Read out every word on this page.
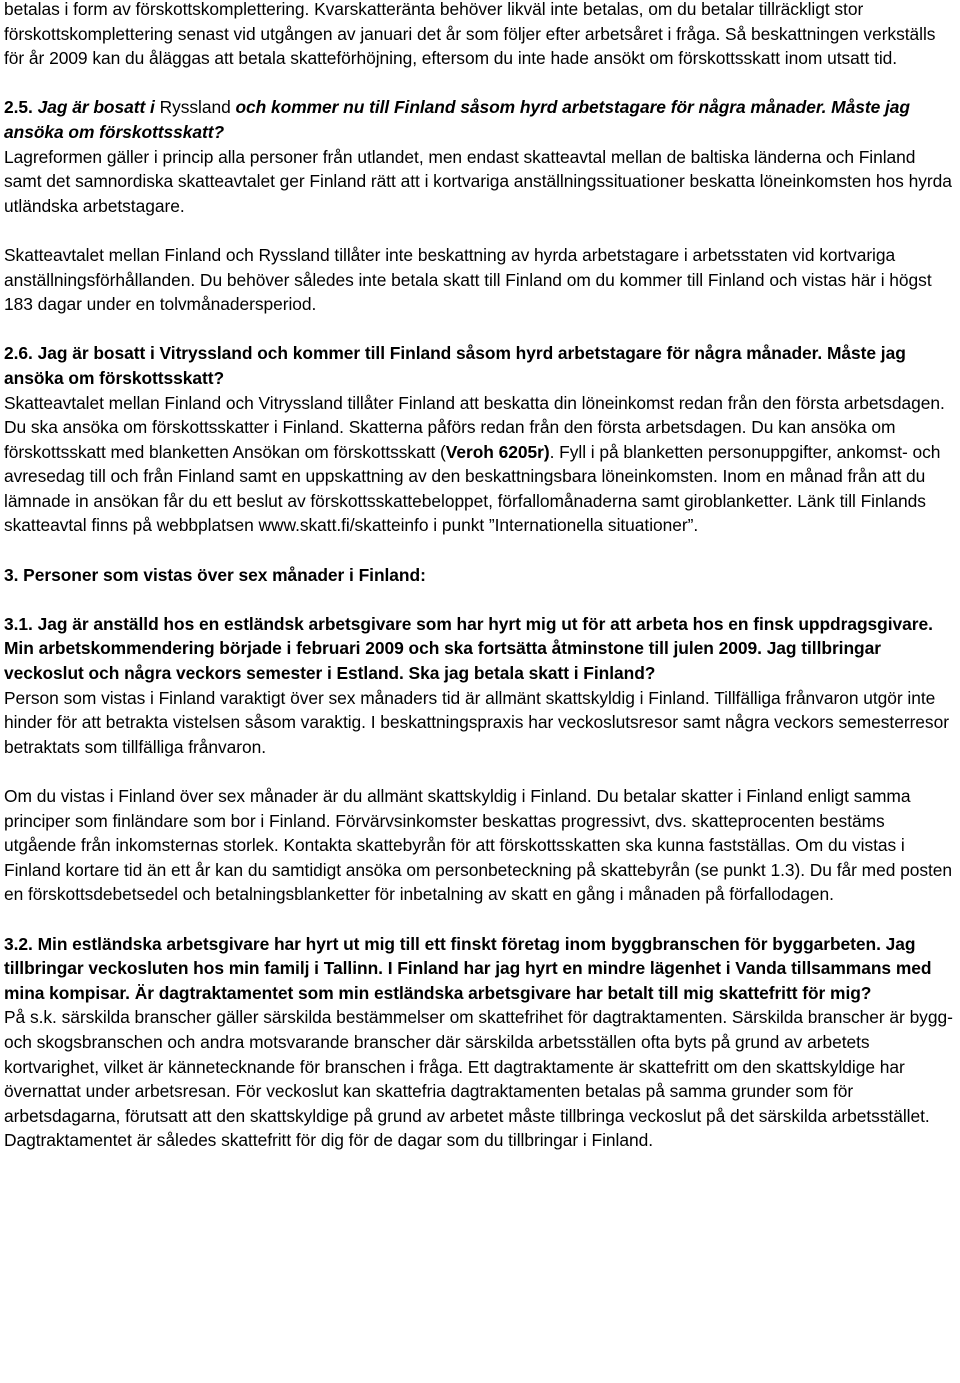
betalas i form av förskottskomplettering. Kvarskatteränta behöver likväl inte betalas, om du betalar tillräckligt stor förskottskomplettering senast vid utgången av januari det år som följer efter arbetsåret i fråga. Så beskattningen verkställs för år 2009 kan du åläggas att betala skatteförhöjning, eftersom du inte hade ansökt om förskottsskatt inom utsatt tid.

2.5. Jag är bosatt i Ryssland och kommer nu till Finland såsom hyrd arbetstagare för några månader. Måste jag ansöka om förskottsskatt?

Lagreformen gäller i princip alla personer från utlandet, men endast skatteavtal mellan de baltiska länderna och Finland samt det samnordiska skatteavtalet ger Finland rätt att i kortvariga anställningssituationer beskatta löneinkomsten hos hyrda utländska arbetstagare.

Skatteavtalet mellan Finland och Ryssland tillåter inte beskattning av hyrda arbetstagare i arbetsstaten vid kortvariga anställningsförhållanden. Du behöver således inte betala skatt till Finland om du kommer till Finland och vistas här i högst 183 dagar under en tolvmånadersperiod.

2.6. Jag är bosatt i Vitryssland och kommer till Finland såsom hyrd arbetstagare för några månader. Måste jag ansöka om förskottsskatt?

Skatteavtalet mellan Finland och Vitryssland tillåter Finland att beskatta din löneinkomst redan från den första arbetsdagen. Du ska ansöka om förskottsskatter i Finland. Skatterna påförs redan från den första arbetsdagen. Du kan ansöka om förskottsskatt med blanketten Ansökan om förskottsskatt (Veroh 6205r). Fyll i på blanketten personuppgifter, ankomst- och avresedag till och från Finland samt en uppskattning av den beskattningsbara löneinkomsten. Inom en månad från att du lämnade in ansökan får du ett beslut av förskottsskattebeloppet, förfallomånaderna samt giroblanketter. Länk till Finlands skatteavtal finns på webbplatsen www.skatt.fi/skatteinfo i punkt ”Internationella situationer”.

3. Personer som vistas över sex månader i Finland:

3.1. Jag är anställd hos en estländsk arbetsgivare som har hyrt mig ut för att arbeta hos en finsk uppdragsgivare. Min arbetskommendering började i februari 2009 och ska fortsätta åtminstone till julen 2009. Jag tillbringar veckoslut och några veckors semester i Estland. Ska jag betala skatt i Finland?

Person som vistas i Finland varaktigt över sex månaders tid är allmänt skattskyldig i Finland. Tillfälliga frånvaron utgör inte hinder för att betrakta vistelsen såsom varaktig. I beskattningspraxis har veckoslutsresor samt några veckors semesterresor betraktats som tillfälliga frånvaron.

Om du vistas i Finland över sex månader är du allmänt skattskyldig i Finland. Du betalar skatter i Finland enligt samma principer som finländare som bor i Finland. Förvärvsinkomster beskattas progressivt, dvs. skatteprocenten bestäms utgående från inkomsternas storlek. Kontakta skattebyrån för att förskottsskatten ska kunna fastställas. Om du vistas i Finland kortare tid än ett år kan du samtidigt ansöka om personbeteckning på skattebyrån (se punkt 1.3). Du får med posten en förskottsdebetsedel och betalningsblanketter för inbetalning av skatt en gång i månaden på förfallodagen.

3.2. Min estländska arbetsgivare har hyrt ut mig till ett finskt företag inom byggbranschen för byggarbeten. Jag tillbringar veckosluten hos min familj i Tallinn. I Finland har jag hyrt en mindre lägenhet i Vanda tillsammans med mina kompisar. Är dagtraktamentet som min estländska arbetsgivare har betalt till mig skattefritt för mig?

På s.k. särskilda branscher gäller särskilda bestämmelser om skattefrihet för dagtraktamenten. Särskilda branscher är bygg- och skogsbranschen och andra motsvarande branscher där särskilda arbetsställen ofta byts på grund av arbetets kortvarighet, vilket är kännetecknande för branschen i fråga. Ett dagtraktamente är skattefritt om den skattskyldige har övernattat under arbetsresan. För veckoslut kan skattefria dagtraktamenten betalas på samma grunder som för arbetsdagarna, förutsatt att den skattskyldige på grund av arbetet måste tillbringa veckoslut på det särskilda arbetsstället. Dagtraktamentet är således skattefritt för dig för de dagar som du tillbringar i Finland.
